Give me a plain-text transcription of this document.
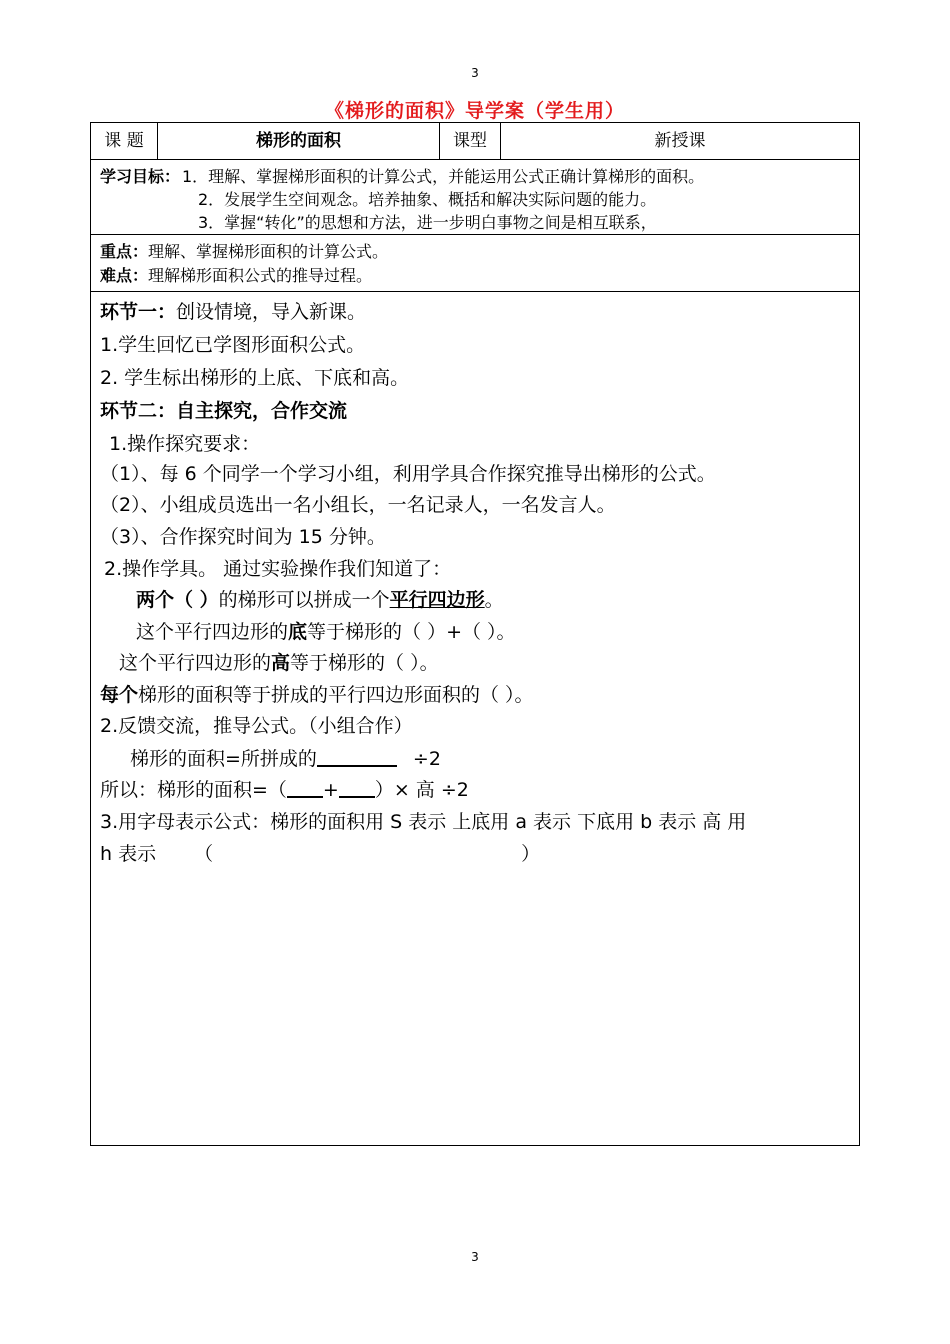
3
《梯形的面积》导学案（学生用）
课 题	梯形的面积	课型	新授课
学习目标： 1．理解、掌握梯形面积的计算公式，并能运用公式正确计算梯形的面积。
2．发展学生空间观念。培养抽象、概括和解决实际问题的能力。
3．掌握“转化”的思想和方法，进一步明白事物之间是相互联系，
重点：理解、掌握梯形面积的计算公式。
难点：理解梯形面积公式的推导过程。
环节一：创设情境，导入新课。
1.学生回忆已学图形面积公式。
2. 学生标出梯形的上底、下底和高。
环节二：自主探究，合作交流
1.操作探究要求：
（1）、每 6 个同学一个学习小组，利用学具合作探究推导出梯形的公式。
（2）、小组成员选出一名小组长，一名记录人，一名发言人。
（3）、合作探究时间为 15 分钟。
2.操作学具。 通过实验操作我们知道了：
两个（ ）的梯形可以拼成一个平行四边形。
这个平行四边形的底等于梯形的（ ）+（ ）。
这个平行四边形的高等于梯形的（ ）。
每个梯形的面积等于拼成的平行四边形面积的（ ）。
2.反馈交流，推导公式。（小组合作）
梯形的面积=所拼成的	÷2
所以：梯形的面积=（ + ）× 高 ÷2
3.用字母表示公式：梯形的面积用 S 表示 上底用 a 表示 下底用 b 表示 高 用
h 表示 （	）
3
